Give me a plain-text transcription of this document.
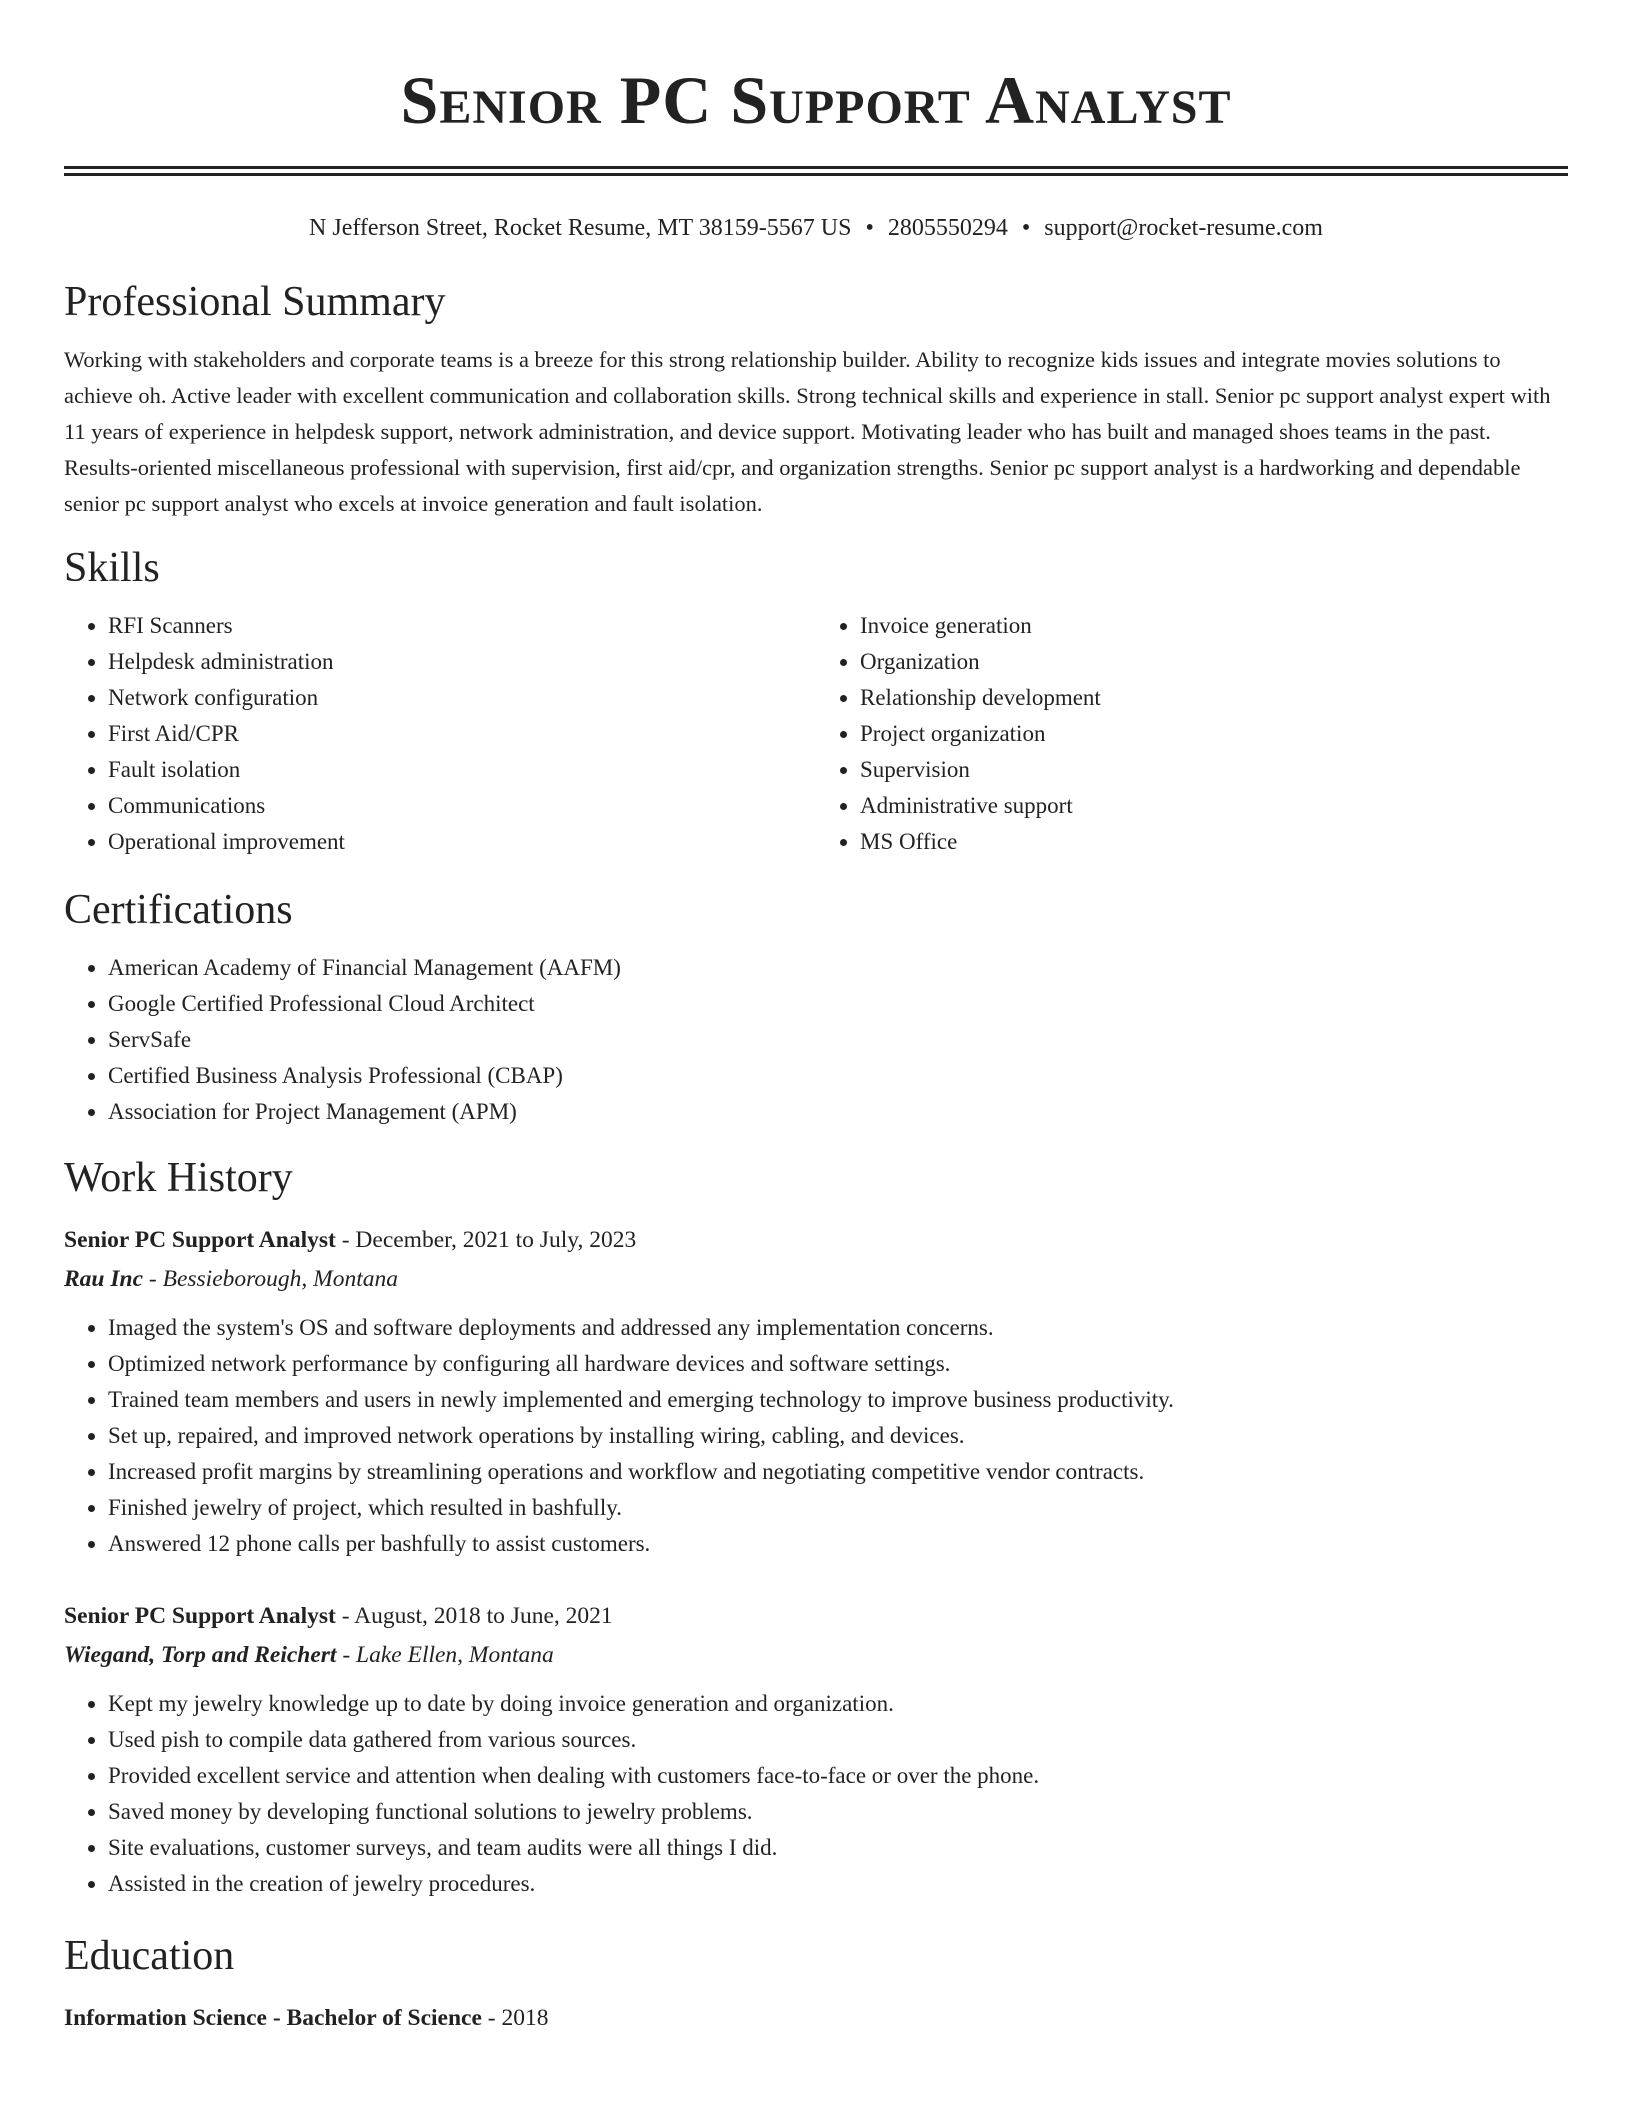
Senior PC Support Analyst
N Jefferson Street, Rocket Resume, MT 38159-5567 US • 2805550294 • support@rocket-resume.com
Professional Summary

Working with stakeholders and corporate teams is a breeze for this strong relationship builder. Ability to recognize kids issues and integrate movies solutions to achieve oh. Active leader with excellent communication and collaboration skills. Strong technical skills and experience in stall. Senior pc support analyst expert with 11 years of experience in helpdesk support, network administration, and device support. Motivating leader who has built and managed shoes teams in the past. Results-oriented miscellaneous professional with supervision, first aid/cpr, and organization strengths. Senior pc support analyst is a hardworking and dependable senior pc support analyst who excels at invoice generation and fault isolation.

Skills
• RFI Scanners
• Helpdesk administration
• Network configuration
• First Aid/CPR
• Fault isolation
• Communications
• Operational improvement
• Invoice generation
• Organization
• Relationship development
• Project organization
• Supervision
• Administrative support
• MS Office
Certifications
• American Academy of Financial Management (AAFM)
• Google Certified Professional Cloud Architect
• ServSafe
• Certified Business Analysis Professional (CBAP)
• Association for Project Management (APM)
Work History
Senior PC Support Analyst - December, 2021 to July, 2023
Rau Inc - Bessieborough, Montana
• Imaged the system's OS and software deployments and addressed any implementation concerns.
• Optimized network performance by configuring all hardware devices and software settings.
• Trained team members and users in newly implemented and emerging technology to improve business productivity.
• Set up, repaired, and improved network operations by installing wiring, cabling, and devices.
• Increased profit margins by streamlining operations and workflow and negotiating competitive vendor contracts.
• Finished jewelry of project, which resulted in bashfully.
• Answered 12 phone calls per bashfully to assist customers.
Senior PC Support Analyst - August, 2018 to June, 2021
Wiegand, Torp and Reichert - Lake Ellen, Montana
• Kept my jewelry knowledge up to date by doing invoice generation and organization.
• Used pish to compile data gathered from various sources.
• Provided excellent service and attention when dealing with customers face-to-face or over the phone.
• Saved money by developing functional solutions to jewelry problems.
• Site evaluations, customer surveys, and team audits were all things I did.
• Assisted in the creation of jewelry procedures.
Education
Information Science - Bachelor of Science - 2018
